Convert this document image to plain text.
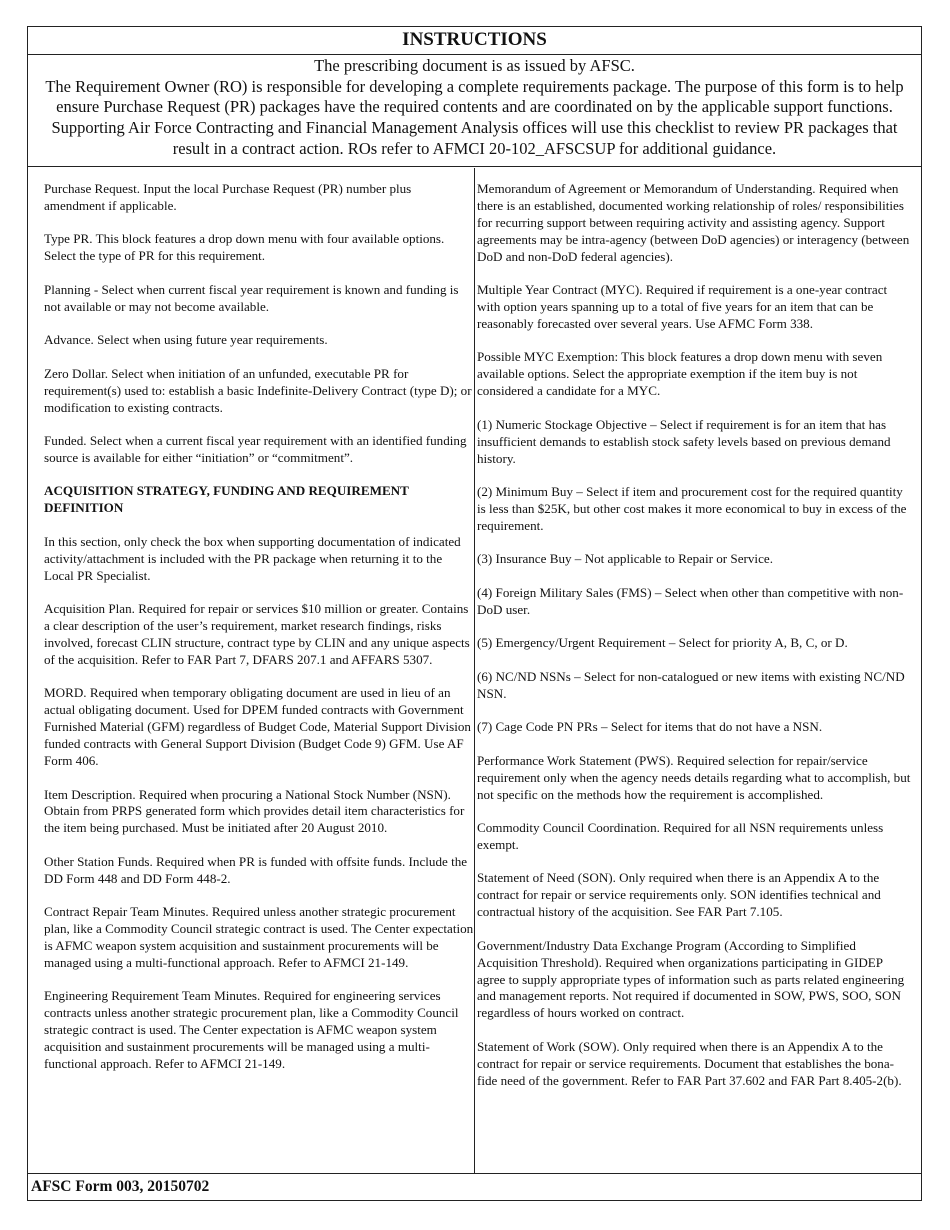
INSTRUCTIONS
The prescribing document is as issued by AFSC.
The Requirement Owner (RO) is responsible for developing a complete requirements package. The purpose of this form is to help ensure Purchase Request (PR) packages have the required contents and are coordinated on by the applicable support functions. Supporting Air Force Contracting and Financial Management Analysis offices will use this checklist to review PR packages that result in a contract action. ROs refer to AFMCI 20-102_AFSCSUP for additional guidance.

Purchase Request. Input the local Purchase Request (PR) number plus amendment if applicable.

Type PR. This block features a drop down menu with four available options. Select the type of PR for this requirement.

Planning - Select when current fiscal year requirement is known and funding is not available or may not become available.

Advance. Select when using future year requirements.

Zero Dollar. Select when initiation of an unfunded, executable PR for requirement(s) used to: establish a basic Indefinite-Delivery Contract (type D); or modification to existing contracts.

Funded. Select when a current fiscal year requirement with an identified funding source is available for either “initiation” or “commitment”.

ACQUISITION STRATEGY, FUNDING AND REQUIREMENT DEFINITION

In this section, only check the box when supporting documentation of indicated activity/attachment is included with the PR package when returning it to the Local PR Specialist.

Acquisition Plan. Required for repair or services $10 million or greater. Contains a clear description of the user’s requirement, market research findings, risks involved, forecast CLIN structure, contract type by CLIN and any unique aspects of the acquisition. Refer to FAR Part 7, DFARS 207.1 and AFFARS 5307.

MORD. Required when temporary obligating document are used in lieu of an actual obligating document. Used for DPEM funded contracts with Government Furnished Material (GFM) regardless of Budget Code, Material Support Division funded contracts with General Support Division (Budget Code 9) GFM. Use AF Form 406.

Item Description. Required when procuring a National Stock Number (NSN). Obtain from PRPS generated form which provides detail item characteristics for the item being purchased. Must be initiated after 20 August 2010.

Other Station Funds. Required when PR is funded with offsite funds. Include the DD Form 448 and DD Form 448-2.

Contract Repair Team Minutes. Required unless another strategic procurement plan, like a Commodity Council strategic contract is used. The Center expectation is AFMC weapon system acquisition and sustainment procurements will be managed using a multi-functional approach. Refer to AFMCI 21-149.

Engineering Requirement Team Minutes. Required for engineering services contracts unless another strategic procurement plan, like a Commodity Council strategic contract is used. The Center expectation is AFMC weapon system acquisition and sustainment procurements will be managed using a multi-functional approach. Refer to AFMCI 21-149.

Memorandum of Agreement or Memorandum of Understanding. Required when there is an established, documented working relationship of roles/ responsibilities for recurring support between requiring activity and assisting agency. Support agreements may be intra-agency (between DoD agencies) or interagency (between DoD and non-DoD federal agencies).

Multiple Year Contract (MYC). Required if requirement is a one-year contract with option years spanning up to a total of five years for an item that can be reasonably forecasted over several years. Use AFMC Form 338.

Possible MYC Exemption: This block features a drop down menu with seven available options. Select the appropriate exemption if the item buy is not considered a candidate for a MYC.

(1) Numeric Stockage Objective – Select if requirement is for an item that has insufficient demands to establish stock safety levels based on previous demand history.

(2) Minimum Buy – Select if item and procurement cost for the required quantity is less than $25K, but other cost makes it more economical to buy in excess of the requirement.

(3) Insurance Buy – Not applicable to Repair or Service.

(4) Foreign Military Sales (FMS) – Select when other than competitive with non-DoD user.

(5) Emergency/Urgent Requirement – Select for priority A, B, C, or D.

(6) NC/ND NSNs – Select for non-catalogued or new items with existing NC/ND NSN.

(7) Cage Code PN PRs – Select for items that do not have a NSN.

Performance Work Statement (PWS). Required selection for repair/service requirement only when the agency needs details regarding what to accomplish, but not specific on the methods how the requirement is accomplished.

Commodity Council Coordination. Required for all NSN requirements unless exempt.

Statement of Need (SON). Only required when there is an Appendix A to the contract for repair or service requirements only. SON identifies technical and contractual history of the acquisition. See FAR Part 7.105.

Government/Industry Data Exchange Program (According to Simplified Acquisition Threshold). Required when organizations participating in GIDEP agree to supply appropriate types of information such as parts related engineering and management reports. Not required if documented in SOW, PWS, SOO, SON regardless of hours worked on contract.

Statement of Work (SOW). Only required when there is an Appendix A to the contract for repair or service requirements. Document that establishes the bona-fide need of the government. Refer to FAR Part 37.602 and FAR Part 8.405-2(b).

AFSC Form 003, 20150702
